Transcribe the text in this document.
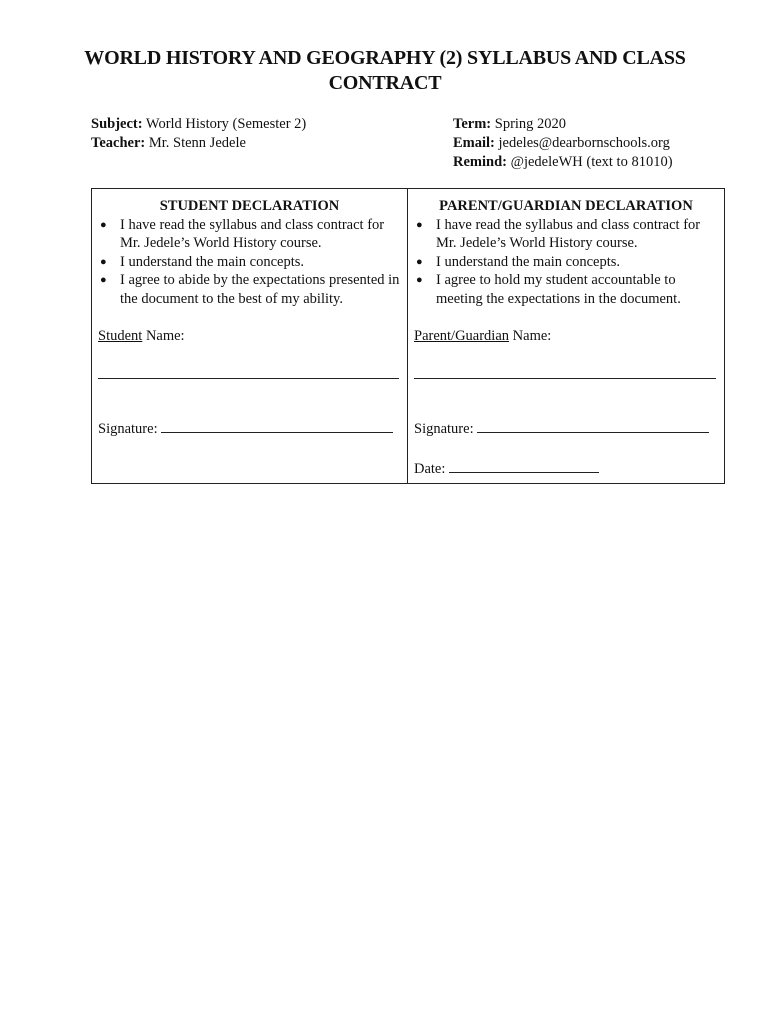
WORLD HISTORY AND GEOGRAPHY (2) SYLLABUS AND CLASS CONTRACT
Subject: World History (Semester 2)
Teacher: Mr. Stenn Jedele
Term: Spring 2020
Email: jedeles@dearbornschools.org
Remind: @jedeleWH (text to 81010)
STUDENT DECLARATION
● I have read the syllabus and class contract for Mr. Jedele’s World History course.
● I understand the main concepts.
● I agree to abide by the expectations presented in the document to the best of my ability.
Student Name:
Signature:
PARENT/GUARDIAN DECLARATION
● I have read the syllabus and class contract for Mr. Jedele’s World History course.
● I understand the main concepts.
● I agree to hold my student accountable to meeting the expectations in the document.
Parent/Guardian Name:
Signature:
Date:
